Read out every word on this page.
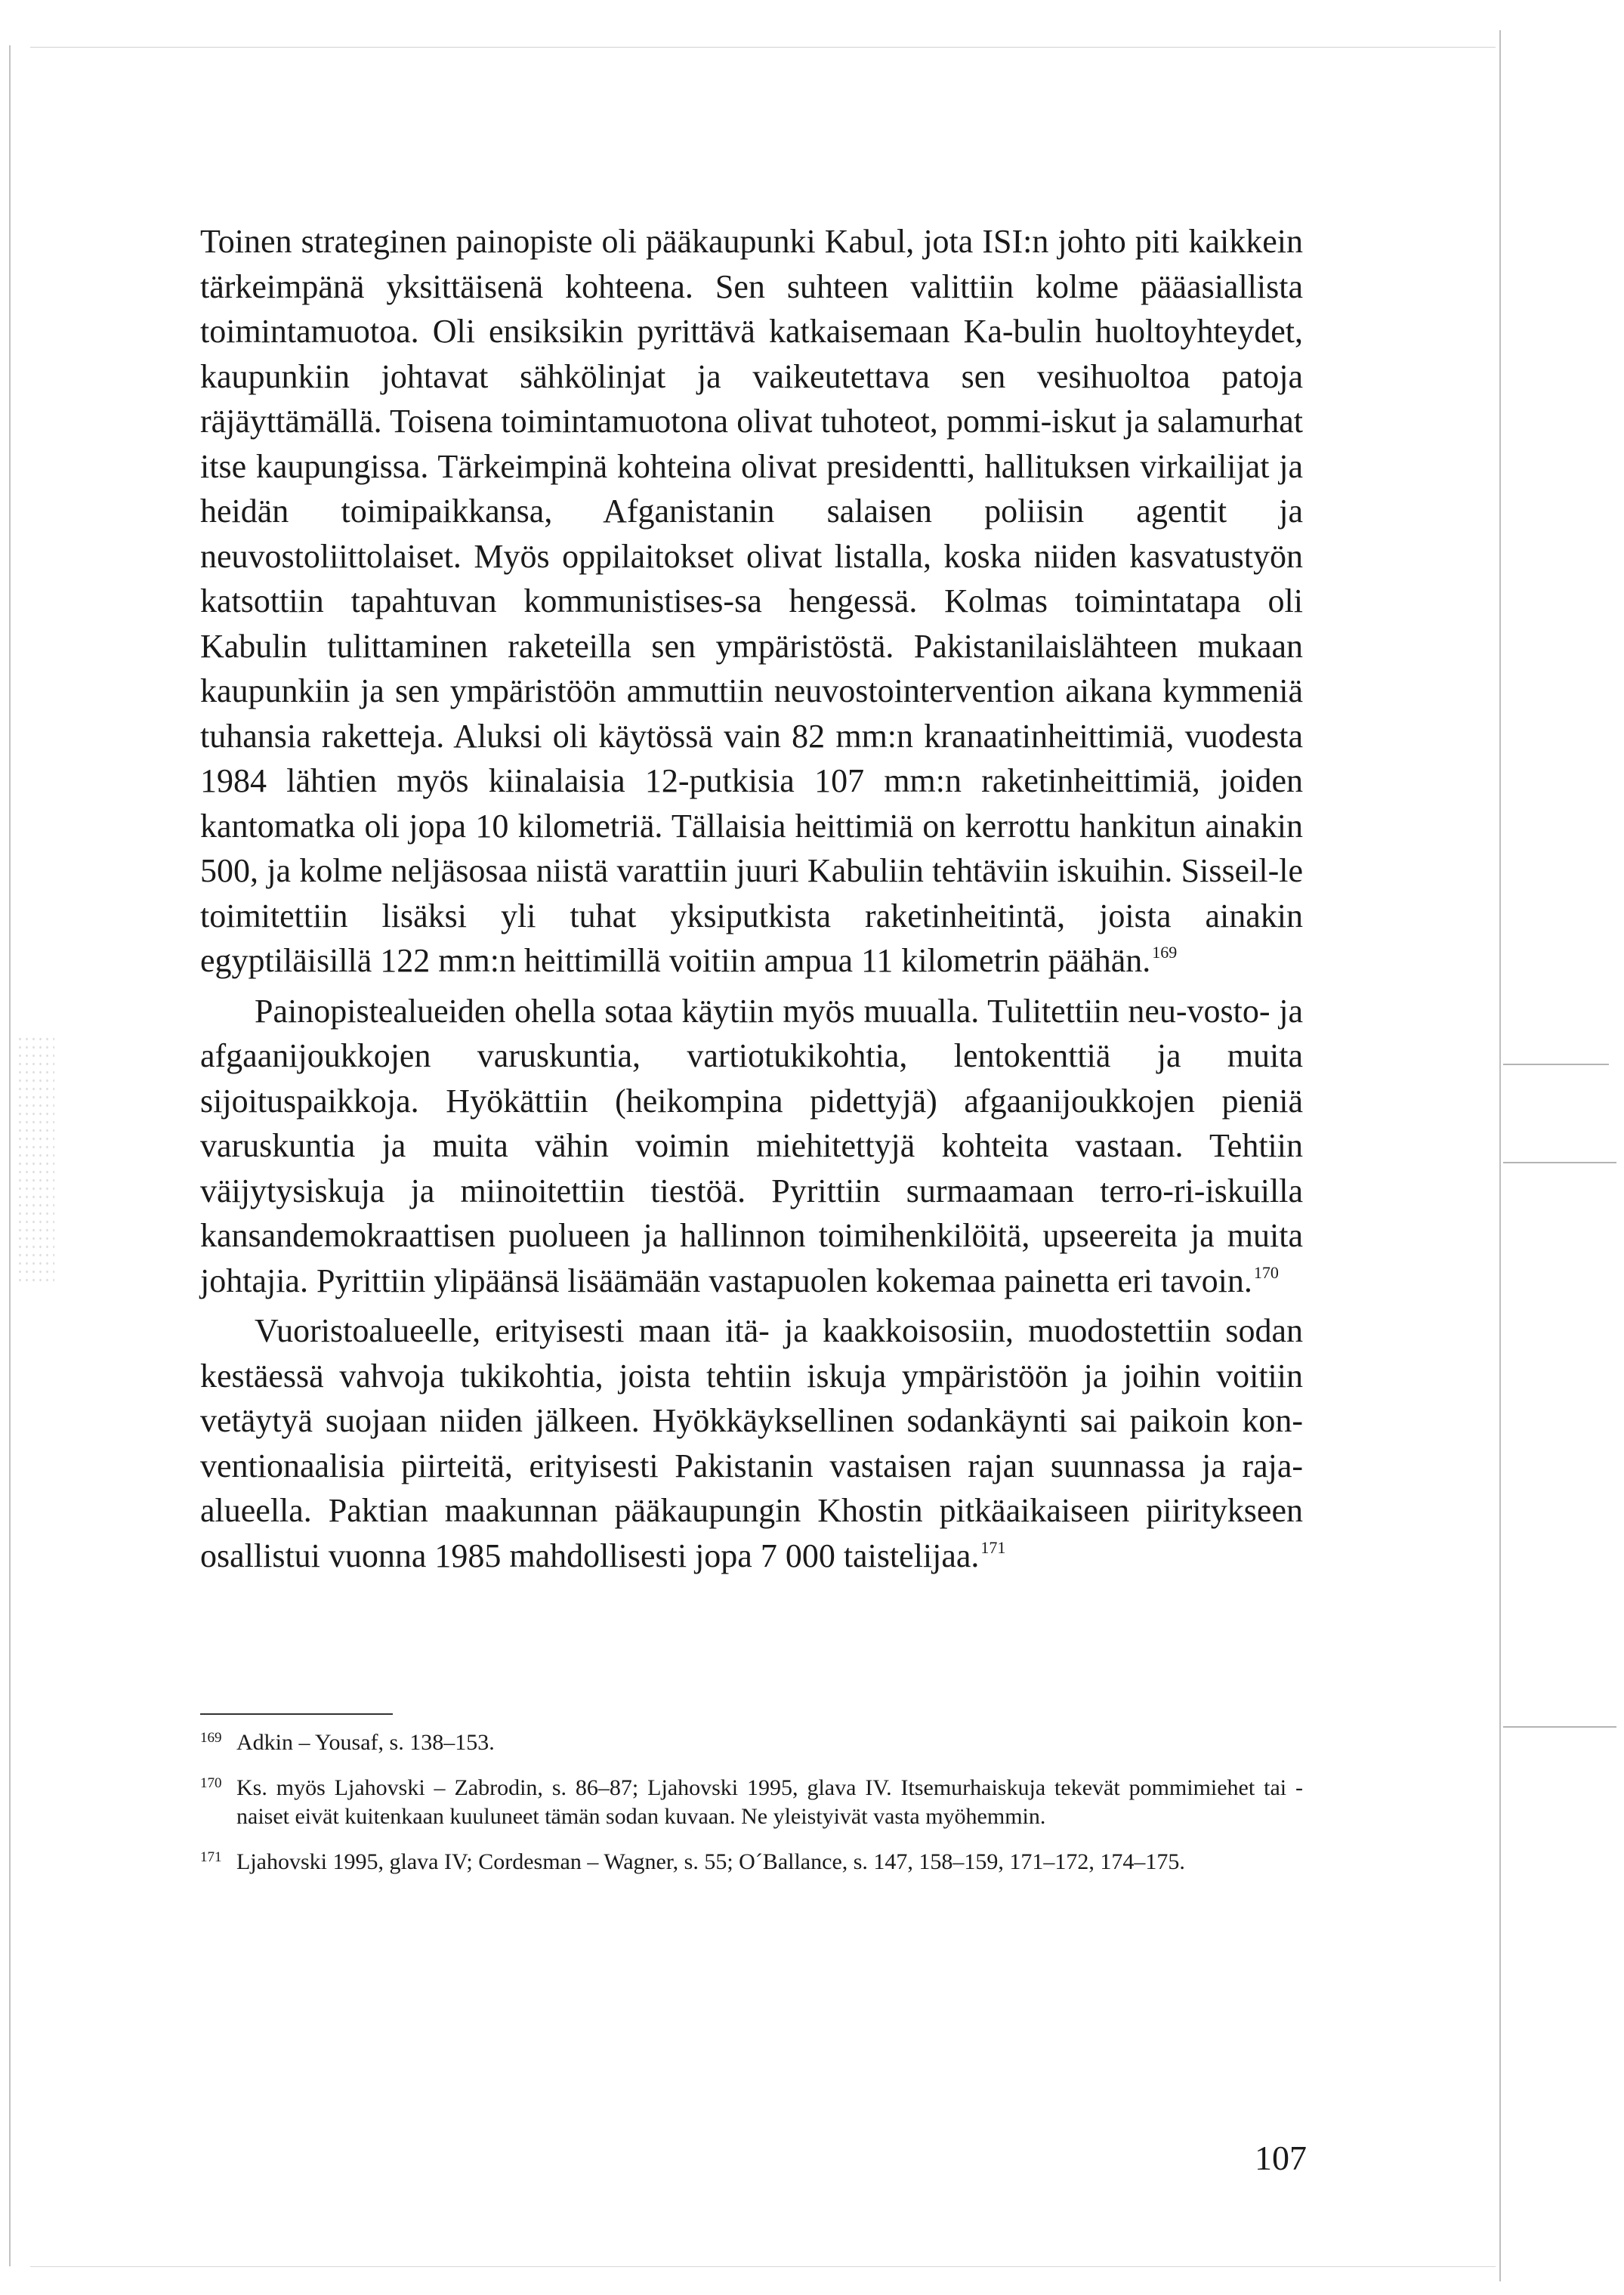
Toinen strateginen painopiste oli pääkaupunki Kabul, jota ISI:n johto piti kaikkein tärkeimpänä yksittäisenä kohteena. Sen suhteen valittiin kolme pääasiallista toimintamuotoa. Oli ensiksikin pyrittävä katkaisemaan Ka-bulin huoltoyhteydet, kaupunkiin johtavat sähkölinjat ja vaikeutettava sen vesihuoltoa patoja räjäyttämällä. Toisena toimintamuotona olivat tuhoteot, pommi-iskut ja salamurhat itse kaupungissa. Tärkeimpinä kohteina olivat presidentti, hallituksen virkailijat ja heidän toimipaikkansa, Afganistanin salaisen poliisin agentit ja neuvostoliittolaiset. Myös oppilaitokset olivat listalla, koska niiden kasvatustyön katsottiin tapahtuvan kommunistises-sa hengessä. Kolmas toimintatapa oli Kabulin tulittaminen raketeilla sen ympäristöstä. Pakistanilaislähteen mukaan kaupunkiin ja sen ympäristöön ammuttiin neuvostointervention aikana kymmeniä tuhansia raketteja. Aluksi oli käytössä vain 82 mm:n kranaatinheittimiä, vuodesta 1984 lähtien myös kiinalaisia 12-putkisia 107 mm:n raketinheittimiä, joiden kantomatka oli jopa 10 kilometriä. Tällaisia heittimiä on kerrottu hankitun ainakin 500, ja kolme neljäsosaa niistä varattiin juuri Kabuliin tehtäviin iskuihin. Sisseil-le toimitettiin lisäksi yli tuhat yksiputkista raketinheitintä, joista ainakin egyptiläisillä 122 mm:n heittimillä voitiin ampua 11 kilometrin päähän.$^{169}$

Painopistealueiden ohella sotaa käytiin myös muualla. Tulitettiin neu-vosto- ja afgaanijoukkojen varuskuntia, vartiotukikohtia, lentokenttiä ja muita sijoituspaikkoja. Hyökättiin (heikompina pidettyjä) afgaanijoukkojen pieniä varuskuntia ja muita vähin voimin miehitettyjä kohteita vastaan. Tehtiin väijytysiskuja ja miinoitettiin tiestöä. Pyrittiin surmaamaan terro-ri-iskuilla kansandemokraattisen puolueen ja hallinnon toimihenkilöitä, upseereita ja muita johtajia. Pyrittiin ylipäänsä lisäämään vastapuolen kokemaa painetta eri tavoin.$^{170}$

Vuoristoalueelle, erityisesti maan itä- ja kaakkoisosiin, muodostettiin sodan kestäessä vahvoja tukikohtia, joista tehtiin iskuja ympäristöön ja joihin voitiin vetäytyä suojaan niiden jälkeen. Hyökkäyksellinen sodankäynti sai paikoin kon-ventionaalisia piirteitä, erityisesti Pakistanin vastaisen rajan suunnassa ja raja-alueella. Paktian maakunnan pääkaupungin Khostin pitkäaikaiseen piiritykseen osallistui vuonna 1985 mahdollisesti jopa 7 000 taistelijaa.$^{171}$

169 Adkin – Yousaf, s. 138–153.
170 Ks. myös Ljahovski – Zabrodin, s. 86–87; Ljahovski 1995, glava IV. Itsemurhaiskuja tekevät pommimiehet tai -naiset eivät kuitenkaan kuuluneet tämän sodan kuvaan. Ne yleistyivät vasta myöhemmin.
171 Ljahovski 1995, glava IV; Cordesman – Wagner, s. 55; O´Ballance, s. 147, 158–159, 171–172, 174–175.
107
